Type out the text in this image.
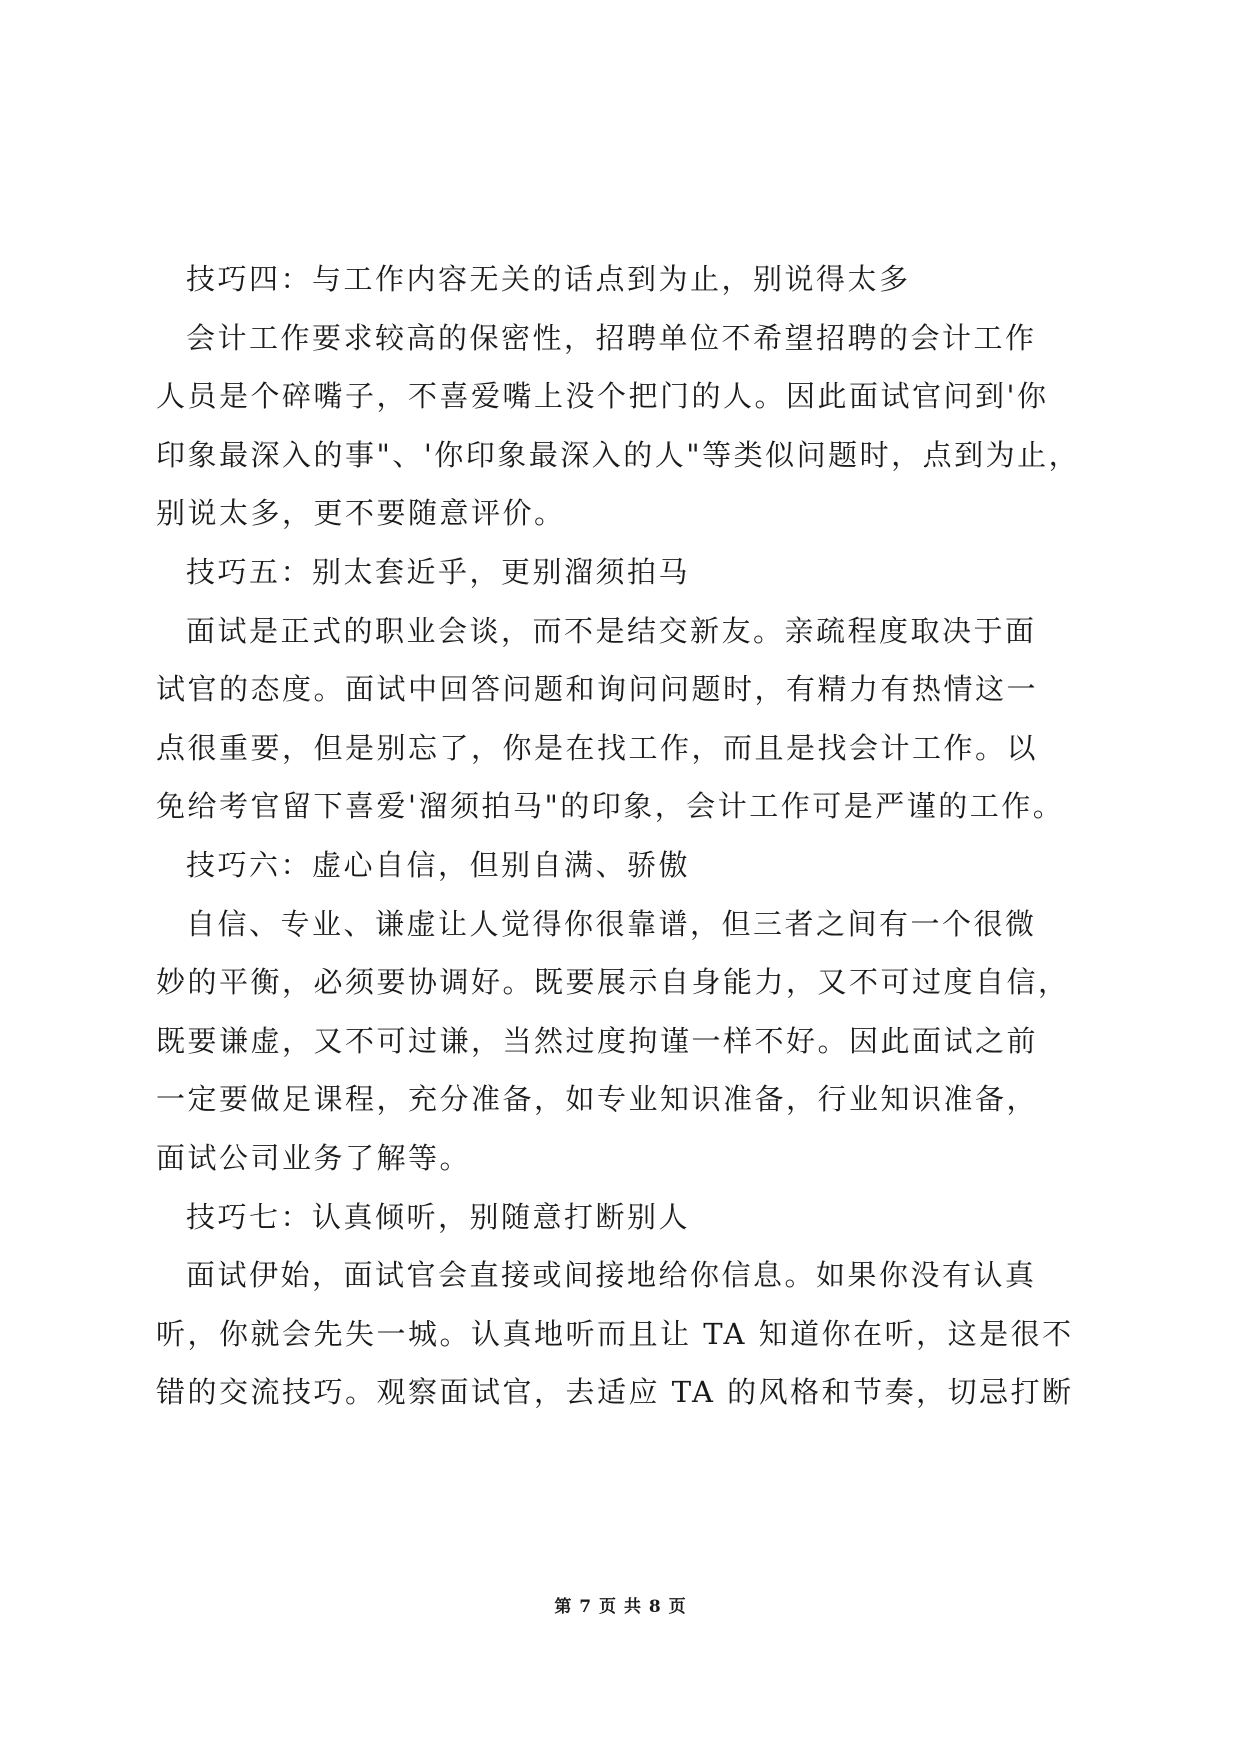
技巧四：与工作内容无关的话点到为止，别说得太多
会计工作要求较高的保密性，招聘单位不希望招聘的会计工作
人员是个碎嘴子，不喜爱嘴上没个把门的人。因此面试官问到'你
印象最深入的事"、'你印象最深入的人"等类似问题时，点到为止，
别说太多，更不要随意评价。
技巧五：别太套近乎，更别溜须拍马
面试是正式的职业会谈，而不是结交新友。亲疏程度取决于面
试官的态度。面试中回答问题和询问问题时，有精力有热情这一
点很重要，但是别忘了，你是在找工作，而且是找会计工作。以
免给考官留下喜爱'溜须拍马"的印象，会计工作可是严谨的工作。
技巧六：虚心自信，但别自满、骄傲
自信、专业、谦虚让人觉得你很靠谱，但三者之间有一个很微
妙的平衡，必须要协调好。既要展示自身能力，又不可过度自信，
既要谦虚，又不可过谦，当然过度拘谨一样不好。因此面试之前
一定要做足课程，充分准备，如专业知识准备，行业知识准备，
面试公司业务了解等。
技巧七：认真倾听，别随意打断别人
面试伊始，面试官会直接或间接地给你信息。如果你没有认真
听，你就会先失一城。认真地听而且让 TA 知道你在听，这是很不
错的交流技巧。观察面试官，去适应 TA 的风格和节奏，切忌打断
第 7 页 共 8 页
